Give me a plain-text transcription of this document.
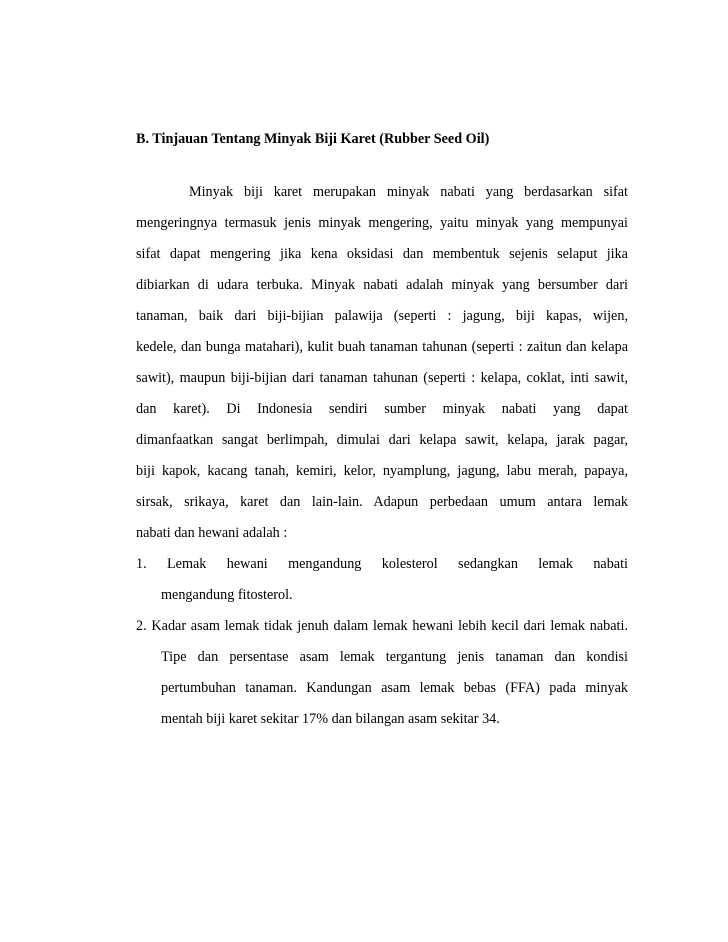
B. Tinjauan Tentang Minyak Biji Karet (Rubber Seed Oil)
Minyak biji karet merupakan minyak nabati yang berdasarkan sifat
mengeringnya termasuk jenis minyak mengering, yaitu minyak yang mempunyai
sifat dapat mengering jika kena oksidasi dan membentuk sejenis selaput jika
dibiarkan di udara terbuka. Minyak nabati adalah minyak yang bersumber dari
tanaman, baik dari biji-bijian palawija (seperti : jagung, biji kapas, wijen,
kedele, dan bunga matahari), kulit buah tanaman tahunan (seperti : zaitun dan kelapa
sawit), maupun biji-bijian dari tanaman tahunan (seperti : kelapa, coklat, inti sawit,
dan karet). Di Indonesia sendiri sumber minyak nabati yang dapat
dimanfaatkan sangat berlimpah, dimulai dari kelapa sawit, kelapa, jarak pagar,
biji kapok, kacang tanah, kemiri, kelor, nyamplung, jagung, labu merah, papaya,
sirsak, srikaya, karet dan lain-lain. Adapun perbedaan umum antara lemak
nabati dan hewani adalah :
1. Lemak hewani mengandung kolesterol sedangkan lemak nabati
mengandung fitosterol.
2. Kadar asam lemak tidak jenuh dalam lemak hewani lebih kecil dari lemak nabati.
Tipe dan persentase asam lemak tergantung jenis tanaman dan kondisi
pertumbuhan tanaman. Kandungan asam lemak bebas (FFA) pada minyak
mentah biji karet sekitar 17% dan bilangan asam sekitar 34.
